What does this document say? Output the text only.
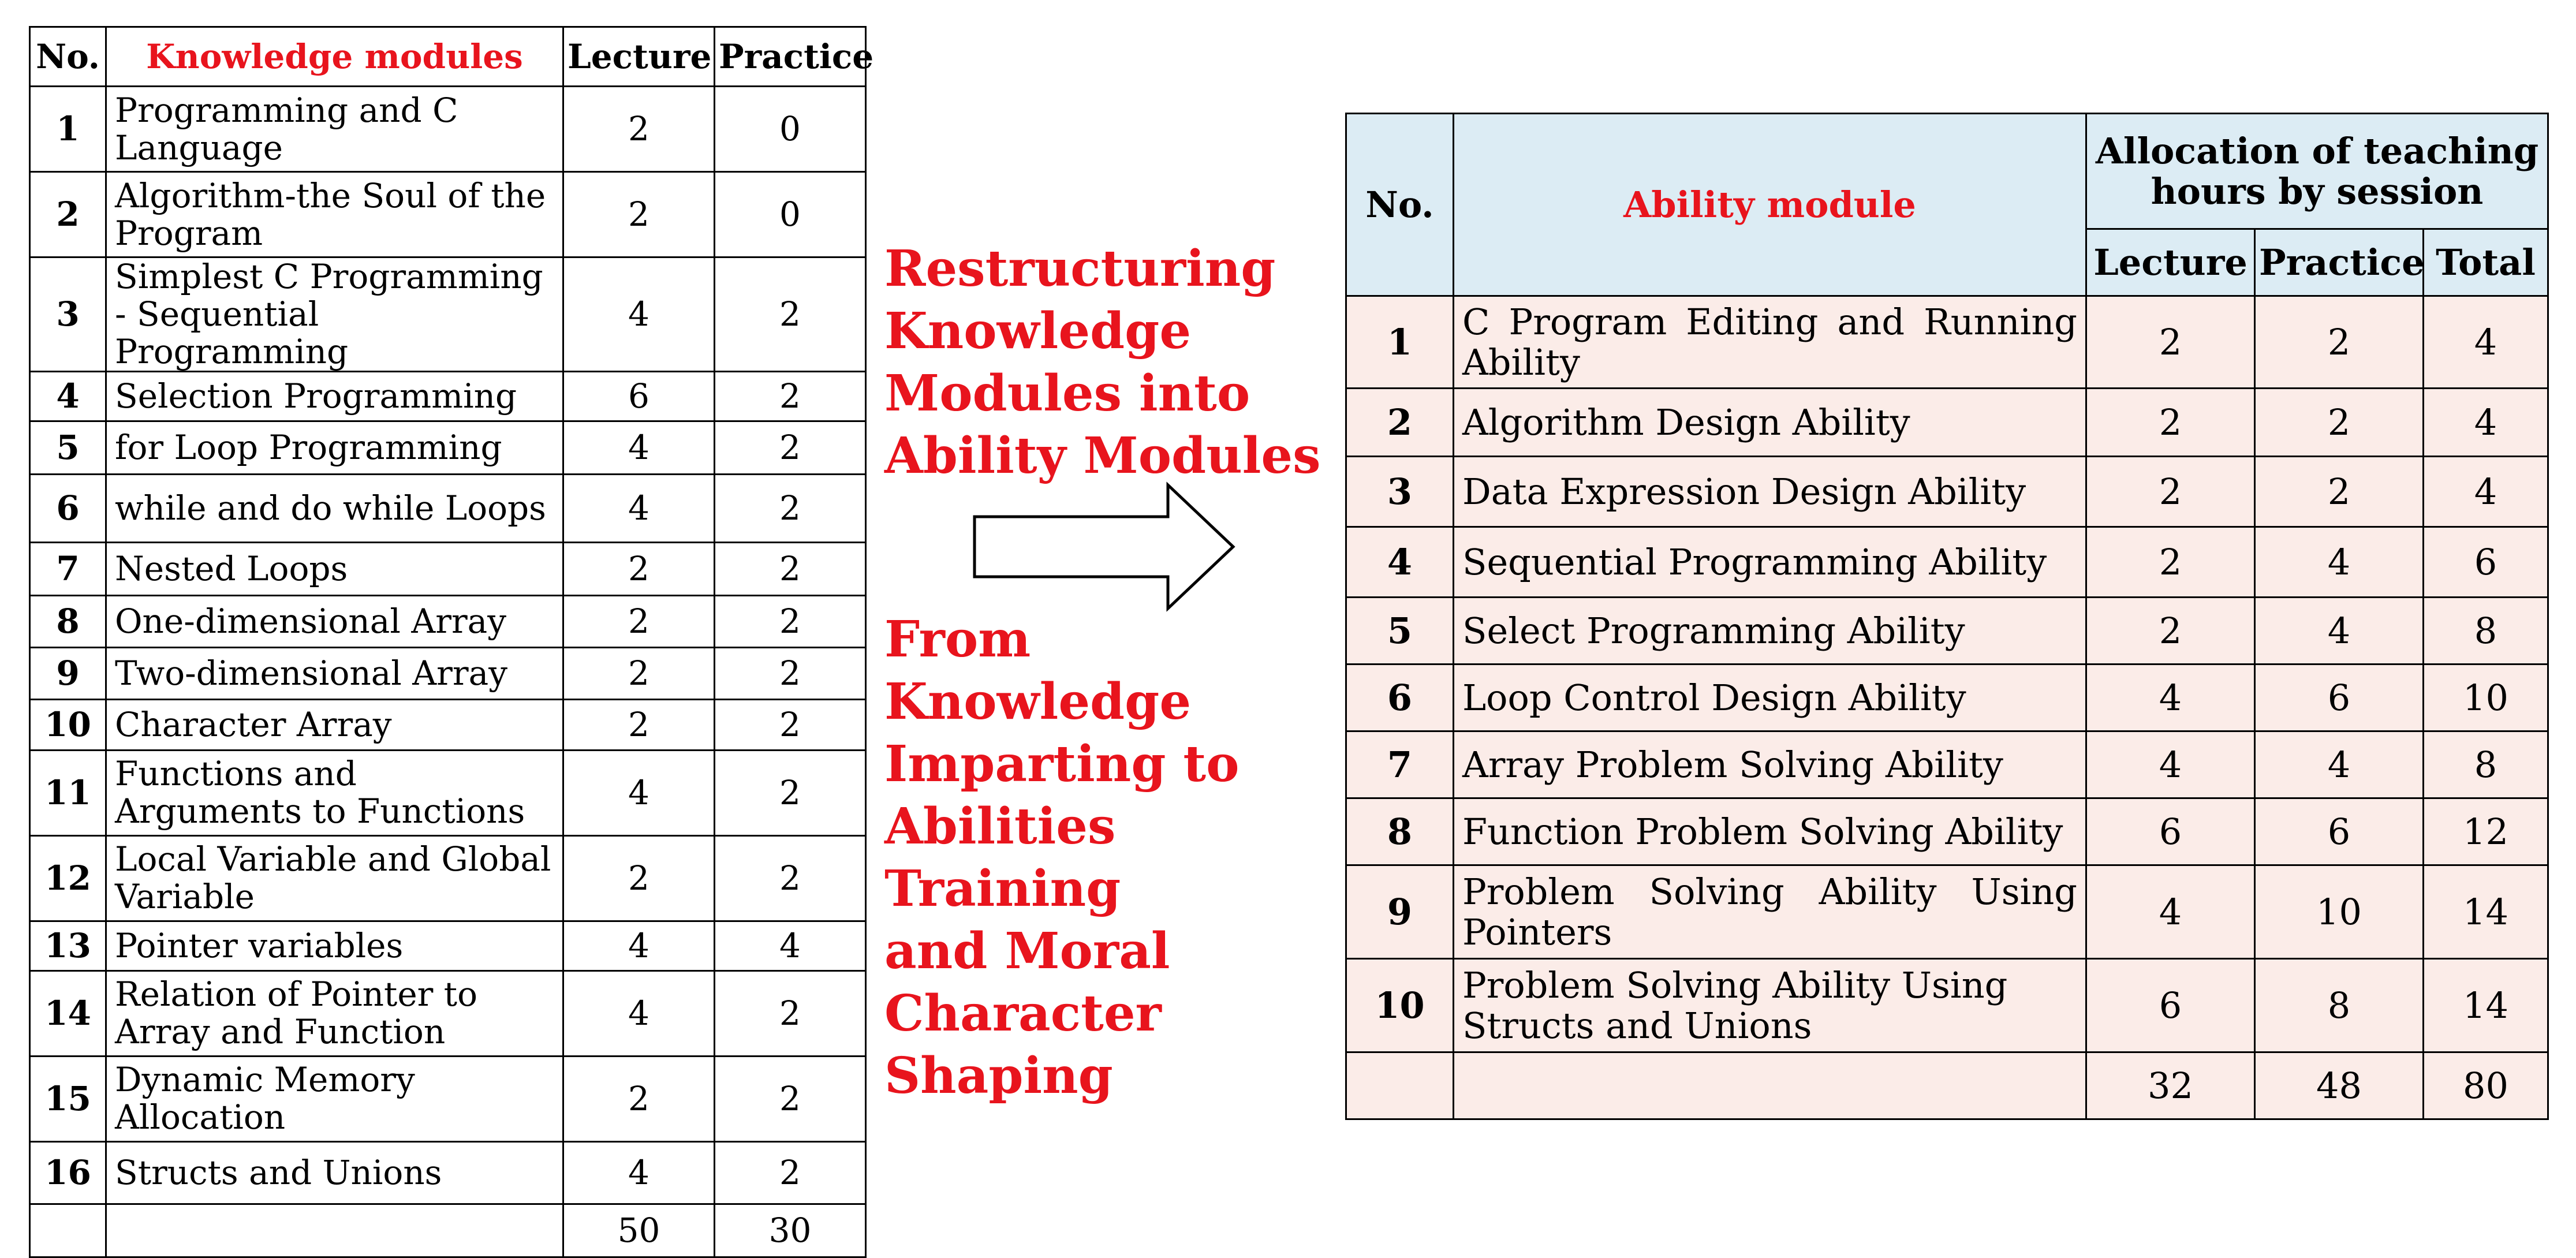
No.	Knowledge modules	Lecture	Practice
1	Programming and C Language	2	0
2	Algorithm-the Soul of the Program	2	0
3	Simplest C Programming - Sequential Programming	4	2
4	Selection Programming	6	2
5	for Loop Programming	4	2
6	while and do while Loops	4	2
7	Nested Loops	2	2
8	One-dimensional Array	2	2
9	Two-dimensional Array	2	2
10	Character Array	2	2
11	Functions and Arguments to Functions	4	2
12	Local Variable and Global Variable	2	2
13	Pointer variables	4	4
14	Relation of Pointer to Array and Function	4	2
15	Dynamic Memory Allocation	2	2
16	Structs and Unions	4	2
		50	30
Restructuring
Knowledge
Modules into
Ability Modules
From Knowledge
Imparting to
Abilities Training
and Moral
Character Shaping
No.	Ability module	Allocation of teaching hours by session		
		Lecture	Practice	Total
1	C Program Editing and Running Ability	2	2	4
2	Algorithm Design Ability	2	2	4
3	Data Expression Design Ability	2	2	4
4	Sequential Programming Ability	2	4	6
5	Select Programming Ability	2	4	8
6	Loop Control Design Ability	4	6	10
7	Array Problem Solving Ability	4	4	8
8	Function Problem Solving Ability	6	6	12
9	Problem Solving Ability Using Pointers	4	10	14
10	Problem Solving Ability Using Structs and Unions	6	8	14
		32	48	80
